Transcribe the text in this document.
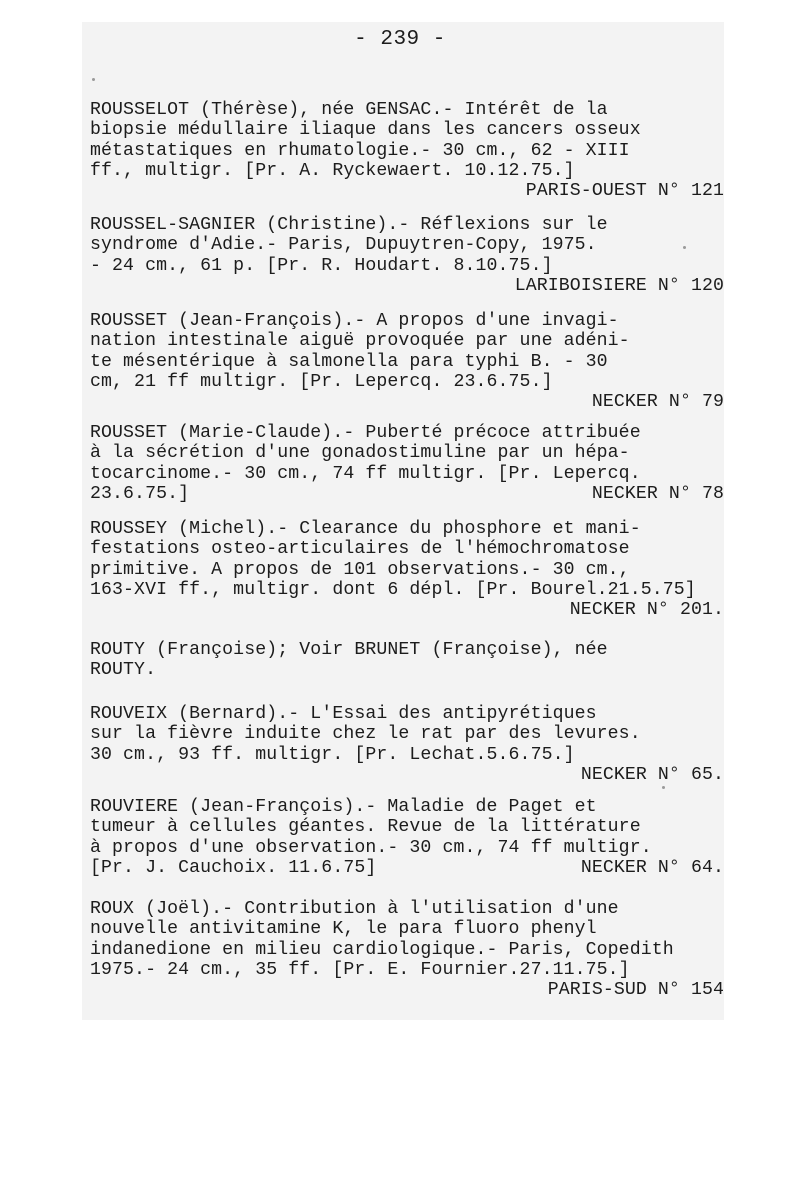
- 239 -
ROUSSELOT (Thérèse), née GENSAC.- Intérêt de la
biopsie médullaire iliaque dans les cancers osseux
métastatiques en rhumatologie.- 30 cm., 62 - XIII
ff., multigr. [Pr. A. Ryckewaert. 10.12.75.]
PARIS-OUEST N° 121
ROUSSEL-SAGNIER (Christine).- Réflexions sur le
syndrome d'Adie.- Paris, Dupuytren-Copy, 1975.
- 24 cm., 61 p. [Pr. R. Houdart. 8.10.75.]
LARIBOISIERE N° 120
ROUSSET (Jean-François).- A propos d'une invagi-
nation intestinale aiguë provoquée par une adéni-
te mésentérique à salmonella para typhi B. - 30
cm, 21 ff multigr. [Pr. Lepercq. 23.6.75.]
NECKER N° 79
ROUSSET (Marie-Claude).- Puberté précoce attribuée
à la sécrétion d'une gonadostimuline par un hépa-
tocarcinome.- 30 cm., 74 ff multigr. [Pr. Lepercq.
23.6.75.]	NECKER N° 78
ROUSSEY (Michel).- Clearance du phosphore et mani-
festations osteo-articulaires de l'hémochromatose
primitive. A propos de 101 observations.- 30 cm.,
163-XVI ff., multigr. dont 6 dépl. [Pr. Bourel.21.5.75]
NECKER N° 201.
ROUTY (Françoise); Voir BRUNET (Françoise), née
ROUTY.
ROUVEIX (Bernard).- L'Essai des antipyrétiques
sur la fièvre induite chez le rat par des levures.
30 cm., 93 ff. multigr. [Pr. Lechat.5.6.75.]
NECKER N° 65.
ROUVIERE (Jean-François).- Maladie de Paget et
tumeur à cellules géantes. Revue de la littérature
à propos d'une observation.- 30 cm., 74 ff multigr.
[Pr. J. Cauchoix. 11.6.75]	NECKER N° 64.
ROUX (Joël).- Contribution à l'utilisation d'une
nouvelle antivitamine K, le para fluoro phenyl
indanedione en milieu cardiologique.- Paris, Copedith
1975.- 24 cm., 35 ff. [Pr. E. Fournier.27.11.75.]
PARIS-SUD N° 154
